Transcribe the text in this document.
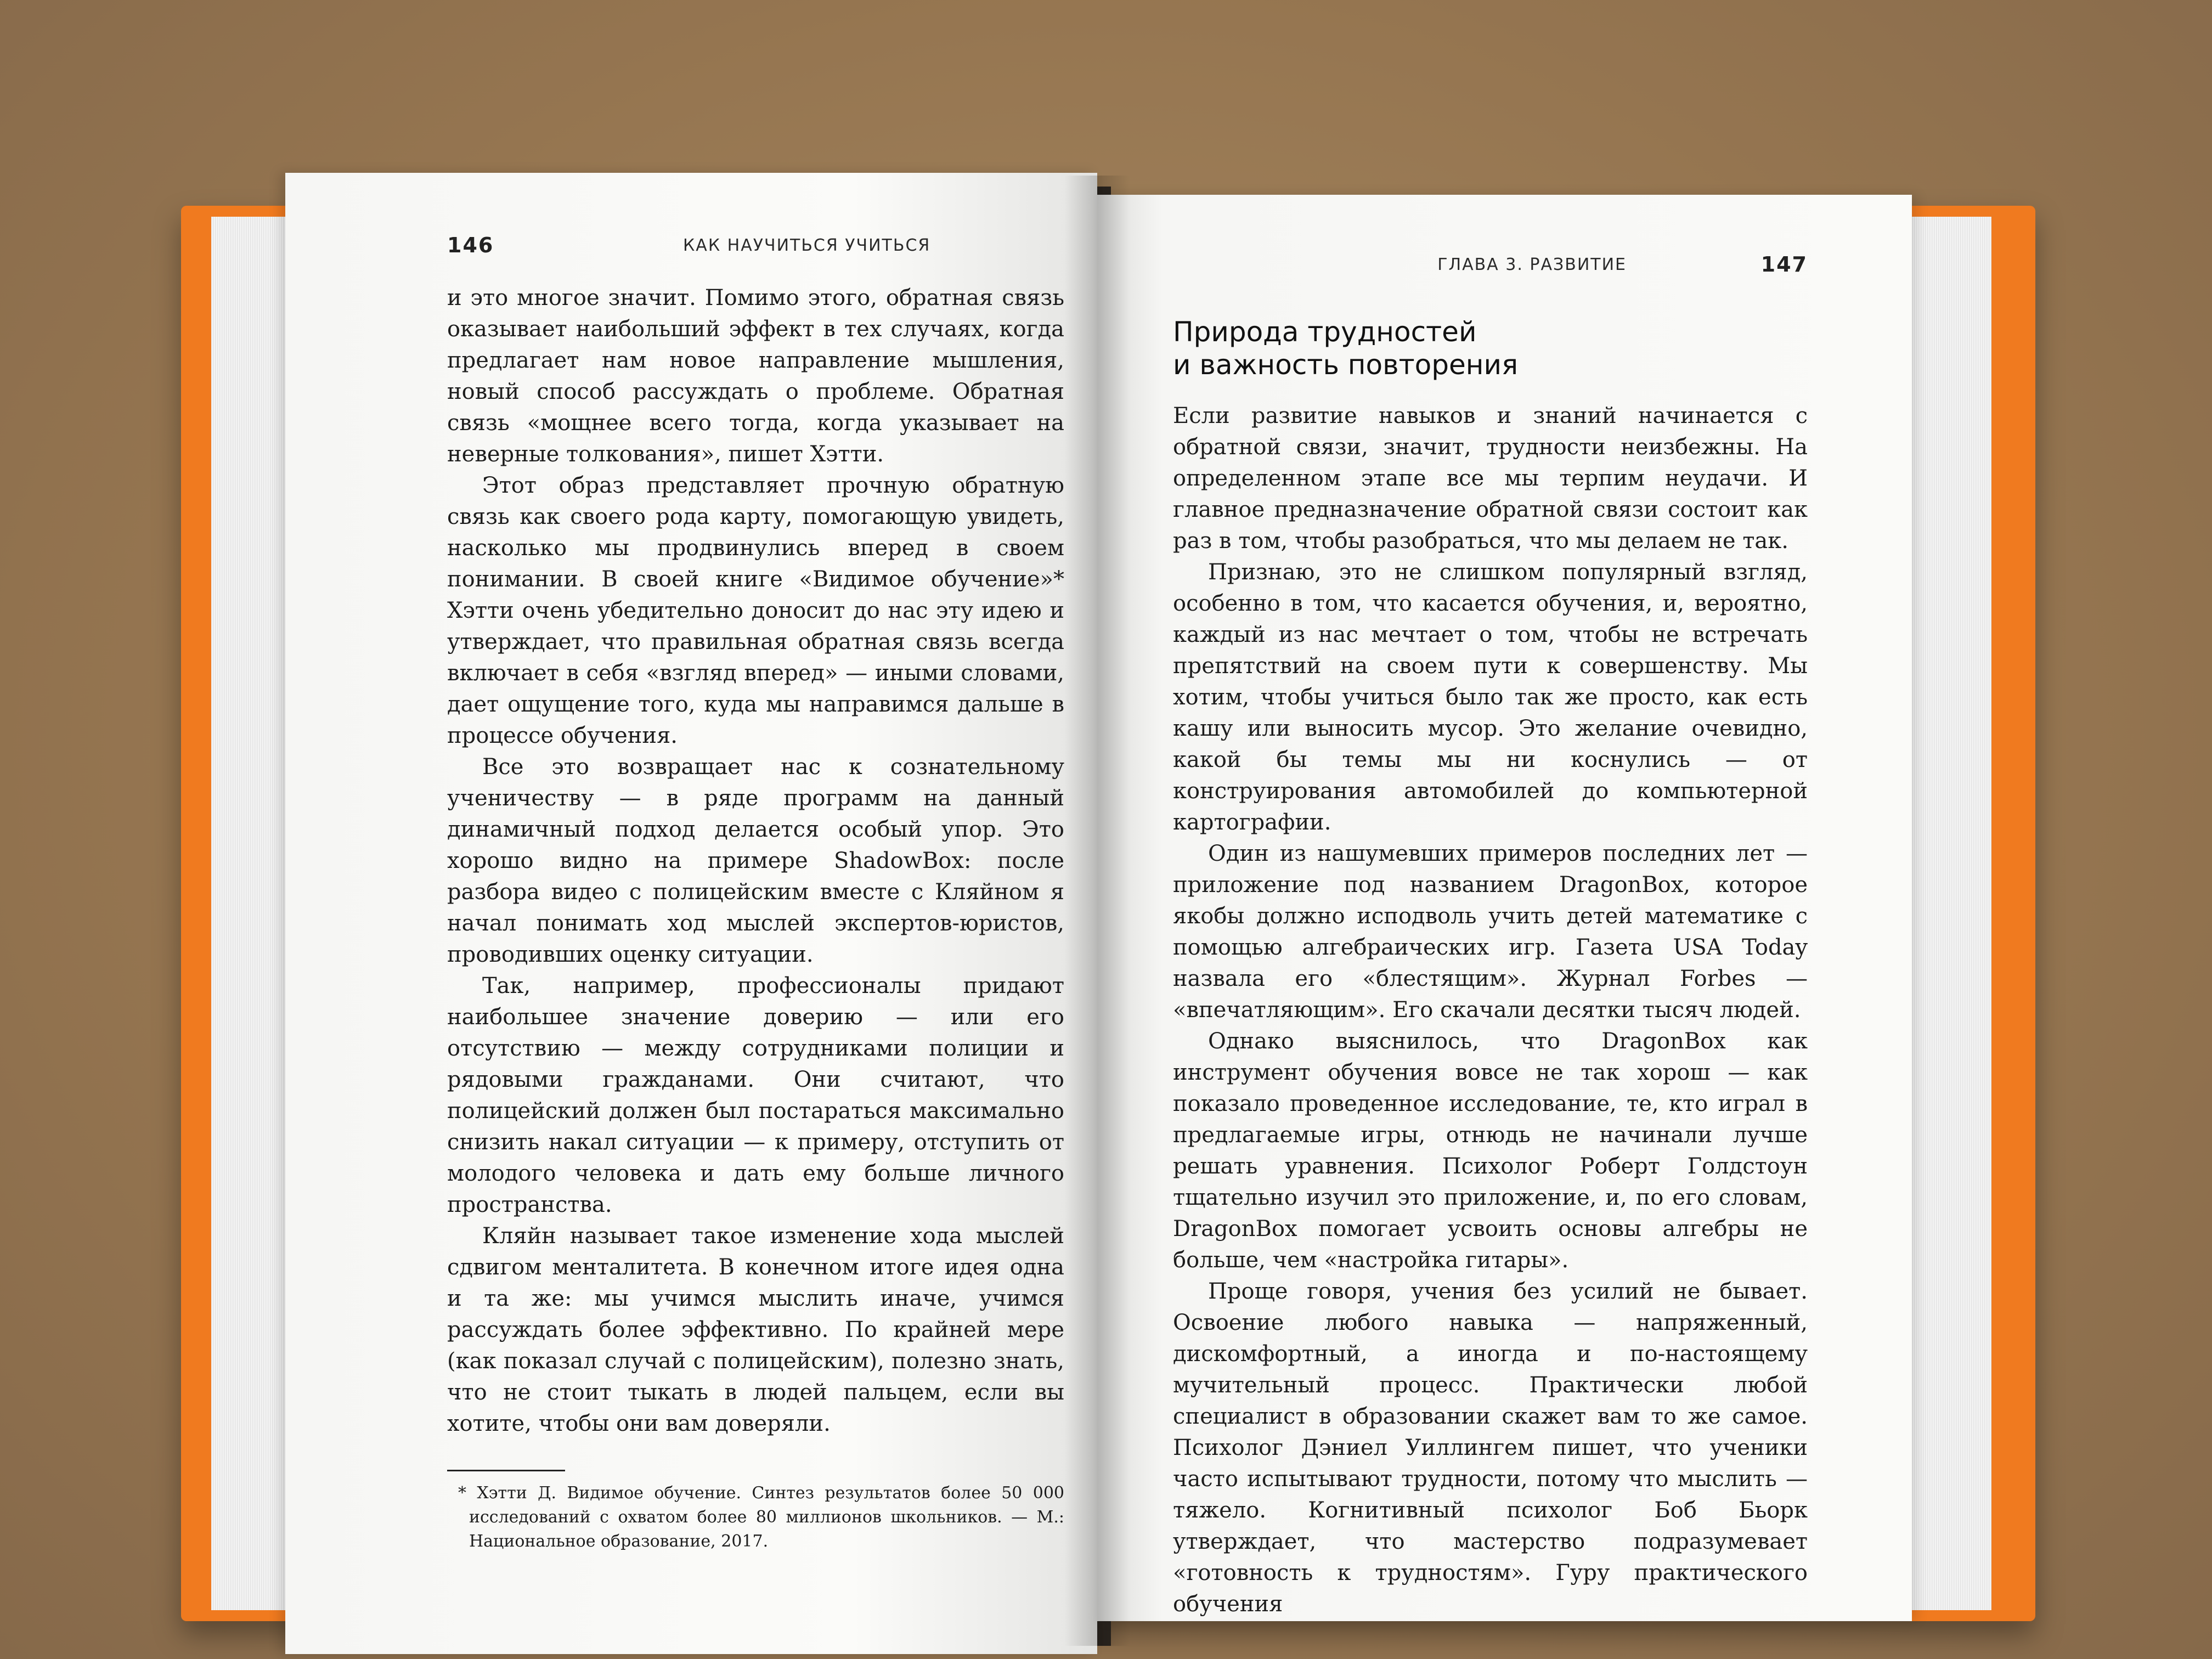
146	КАК НАУЧИТЬСЯ УЧИТЬСЯ

и это многое значит. Помимо этого, обратная связь оказывает наибольший эффект в тех случаях, когда предлагает нам новое направление мышления, новый способ рассуждать о проблеме. Обратная связь «мощнее всего тогда, когда указывает на неверные толкования», пишет Хэтти.

Этот образ представляет прочную обратную связь как своего рода карту, помогающую увидеть, насколько мы продвинулись вперед в своем понимании. В своей книге «Видимое обучение»* Хэтти очень убедительно доносит до нас эту идею и утверждает, что правильная обратная связь всегда включает в себя «взгляд вперед» — иными словами, дает ощущение того, куда мы направимся дальше в процессе обучения.

Все это возвращает нас к сознательному ученичеству — в ряде программ на данный динамичный подход делается особый упор. Это хорошо видно на примере ShadowBox: после разбора видео с полицейским вместе с Кляйном я начал понимать ход мыслей экспертов-юристов, проводивших оценку ситуации.

Так, например, профессионалы придают наибольшее значение доверию — или его отсутствию — между сотрудниками полиции и рядовыми гражданами. Они считают, что полицейский должен был постараться максимально снизить накал ситуации — к примеру, отступить от молодого человека и дать ему больше личного пространства.

Кляйн называет такое изменение хода мыслей сдвигом менталитета. В конечном итоге идея одна и та же: мы учимся мыслить иначе, учимся рассуждать более эффективно. По крайней мере (как показал случай с полицейским), полезно знать, что не стоит тыкать в людей пальцем, если вы хотите, чтобы они вам доверяли.

* Хэтти Д. Видимое обучение. Синтез результатов более 50 000 исследований с охватом более 80 миллионов школьников. — М.: Национальное образование, 2017.
ГЛАВА 3. РАЗВИТИЕ	147
Природа трудностей
и важность повторения

Если развитие навыков и знаний начинается с обратной связи, значит, трудности неизбежны. На определенном этапе все мы терпим неудачи. И главное предназначение обратной связи состоит как раз в том, чтобы разобраться, что мы делаем не так.

Признаю, это не слишком популярный взгляд, особенно в том, что касается обучения, и, вероятно, каждый из нас мечтает о том, чтобы не встречать препятствий на своем пути к совершенству. Мы хотим, чтобы учиться было так же просто, как есть кашу или выносить мусор. Это желание очевидно, какой бы темы мы ни коснулись — от конструирования автомобилей до компьютерной картографии.

Один из нашумевших примеров последних лет — приложение под названием DragonBox, которое якобы должно исподволь учить детей математике с помощью алгебраических игр. Газета USA Today назвала его «блестящим». Журнал Forbes — «впечатляющим». Его скачали десятки тысяч людей.

Однако выяснилось, что DragonBox как инструмент обучения вовсе не так хорош — как показало проведенное исследование, те, кто играл в предлагаемые игры, отнюдь не начинали лучше решать уравнения. Психолог Роберт Голдстоун тщательно изучил это приложение, и, по его словам, DragonBox помогает усвоить основы алгебры не больше, чем «настройка гитары».

Проще говоря, учения без усилий не бывает. Освоение любого навыка — напряженный, дискомфортный, а иногда и по-настоящему мучительный процесс. Практически любой специалист в образовании скажет вам то же самое. Психолог Дэниел Уиллингем пишет, что ученики часто испытывают трудности, потому что мыслить — тяжело. Когнитивный психолог Боб Бьорк утверждает, что мастерство подразумевает «готовность к трудностям». Гуру практического обучения
